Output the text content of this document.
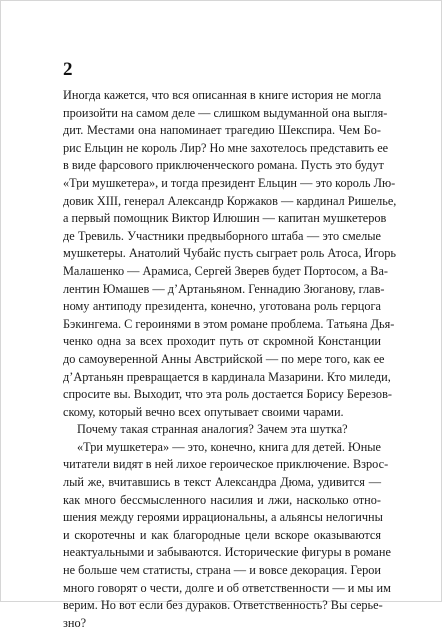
2

Иногда кажется, что вся описанная в книге история не могла
произойти на самом деле — слишком выдуманной она выгля-
дит. Местами она напоминает трагедию Шекспира. Чем Бо-
рис Ельцин не король Лир? Но мне захотелось представить ее
в виде фарсового приключенческого романа. Пусть это будут
«Три мушкетера», и тогда президент Ельцин — это король Лю-
довик XIII, генерал Александр Коржаков — кардинал Ришелье,
а первый помощник Виктор Илюшин — капитан мушкетеров
де Тревиль. Участники предвыборного штаба — это смелые
мушкетеры. Анатолий Чубайс пусть сыграет роль Атоса, Игорь
Малашенко — Арамиса, Сергей Зверев будет Портосом, а Ва-
лентин Юмашев — д’Артаньяном. Геннадию Зюганову, глав-
ному антиподу президента, конечно, уготована роль герцога
Бэкингема. С героинями в этом романе проблема. Татьяна Дья-
ченко одна за всех проходит путь от скромной Констанции
до самоуверенной Анны Австрийской — по мере того, как ее
д’Артаньян превращается в кардинала Мазарини. Кто миледи,
спросите вы. Выходит, что эта роль достается Борису Березов-
скому, который вечно всех опутывает своими чарами.

Почему такая странная аналогия? Зачем эта шутка?

«Три мушкетера» — это, конечно, книга для детей. Юные
читатели видят в ней лихое героическое приключение. Взрос-
лый же, вчитавшись в текст Александра Дюма, удивится —
как много бессмысленного насилия и лжи, насколько отно-
шения между героями иррациональны, а альянсы нелогичны
и скоротечны и как благородные цели вскоре оказываются
неактуальными и забываются. Исторические фигуры в романе
не больше чем статисты, страна — и вовсе декорация. Герои
много говорят о чести, долге и об ответственности — и мы им
верим. Но вот если без дураков. Ответственность? Вы серье-
зно?
